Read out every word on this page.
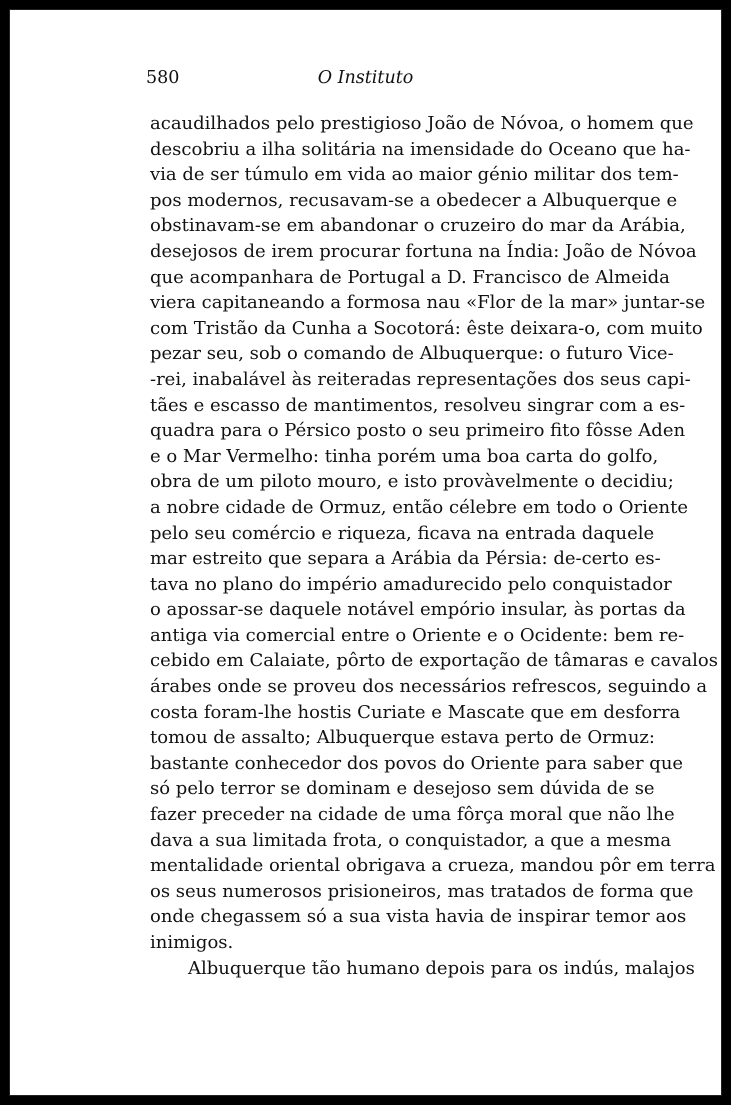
580	O Instituto
acaudilhados pelo prestigioso João de Nóvoa, o homem que
descobriu a ilha solitária na imensidade do Oceano que ha-
via de ser túmulo em vida ao maior génio militar dos tem-
pos modernos, recusavam-se a obedecer a Albuquerque e
obstinavam-se em abandonar o cruzeiro do mar da Arábia,
desejosos de irem procurar fortuna na Índia: João de Nóvoa
que acompanhara de Portugal a D. Francisco de Almeida
viera capitaneando a formosa nau «Flor de la mar» juntar-se
com Tristão da Cunha a Socotorá: êste deixara-o, com muito
pezar seu, sob o comando de Albuquerque: o futuro Vice-
-rei, inabalável às reiteradas representações dos seus capi-
tães e escasso de mantimentos, resolveu singrar com a es-
quadra para o Pérsico posto o seu primeiro fito fôsse Aden
e o Mar Vermelho: tinha porém uma boa carta do golfo,
obra de um piloto mouro, e isto provàvelmente o decidiu;
a nobre cidade de Ormuz, então célebre em todo o Oriente
pelo seu comércio e riqueza, ficava na entrada daquele
mar estreito que separa a Arábia da Pérsia: de-certo es-
tava no plano do império amadurecido pelo conquistador
o apossar-se daquele notável empório insular, às portas da
antiga via comercial entre o Oriente e o Ocidente: bem re-
cebido em Calaiate, pôrto de exportação de tâmaras e cavalos
árabes onde se proveu dos necessários refrescos, seguindo a
costa foram-lhe hostis Curiate e Mascate que em desforra
tomou de assalto; Albuquerque estava perto de Ormuz:
bastante conhecedor dos povos do Oriente para saber que
só pelo terror se dominam e desejoso sem dúvida de se
fazer preceder na cidade de uma fôrça moral que não lhe
dava a sua limitada frota, o conquistador, a que a mesma
mentalidade oriental obrigava a crueza, mandou pôr em terra
os seus numerosos prisioneiros, mas tratados de forma que
onde chegassem só a sua vista havia de inspirar temor aos
inimigos.
Albuquerque tão humano depois para os indús, malajos
